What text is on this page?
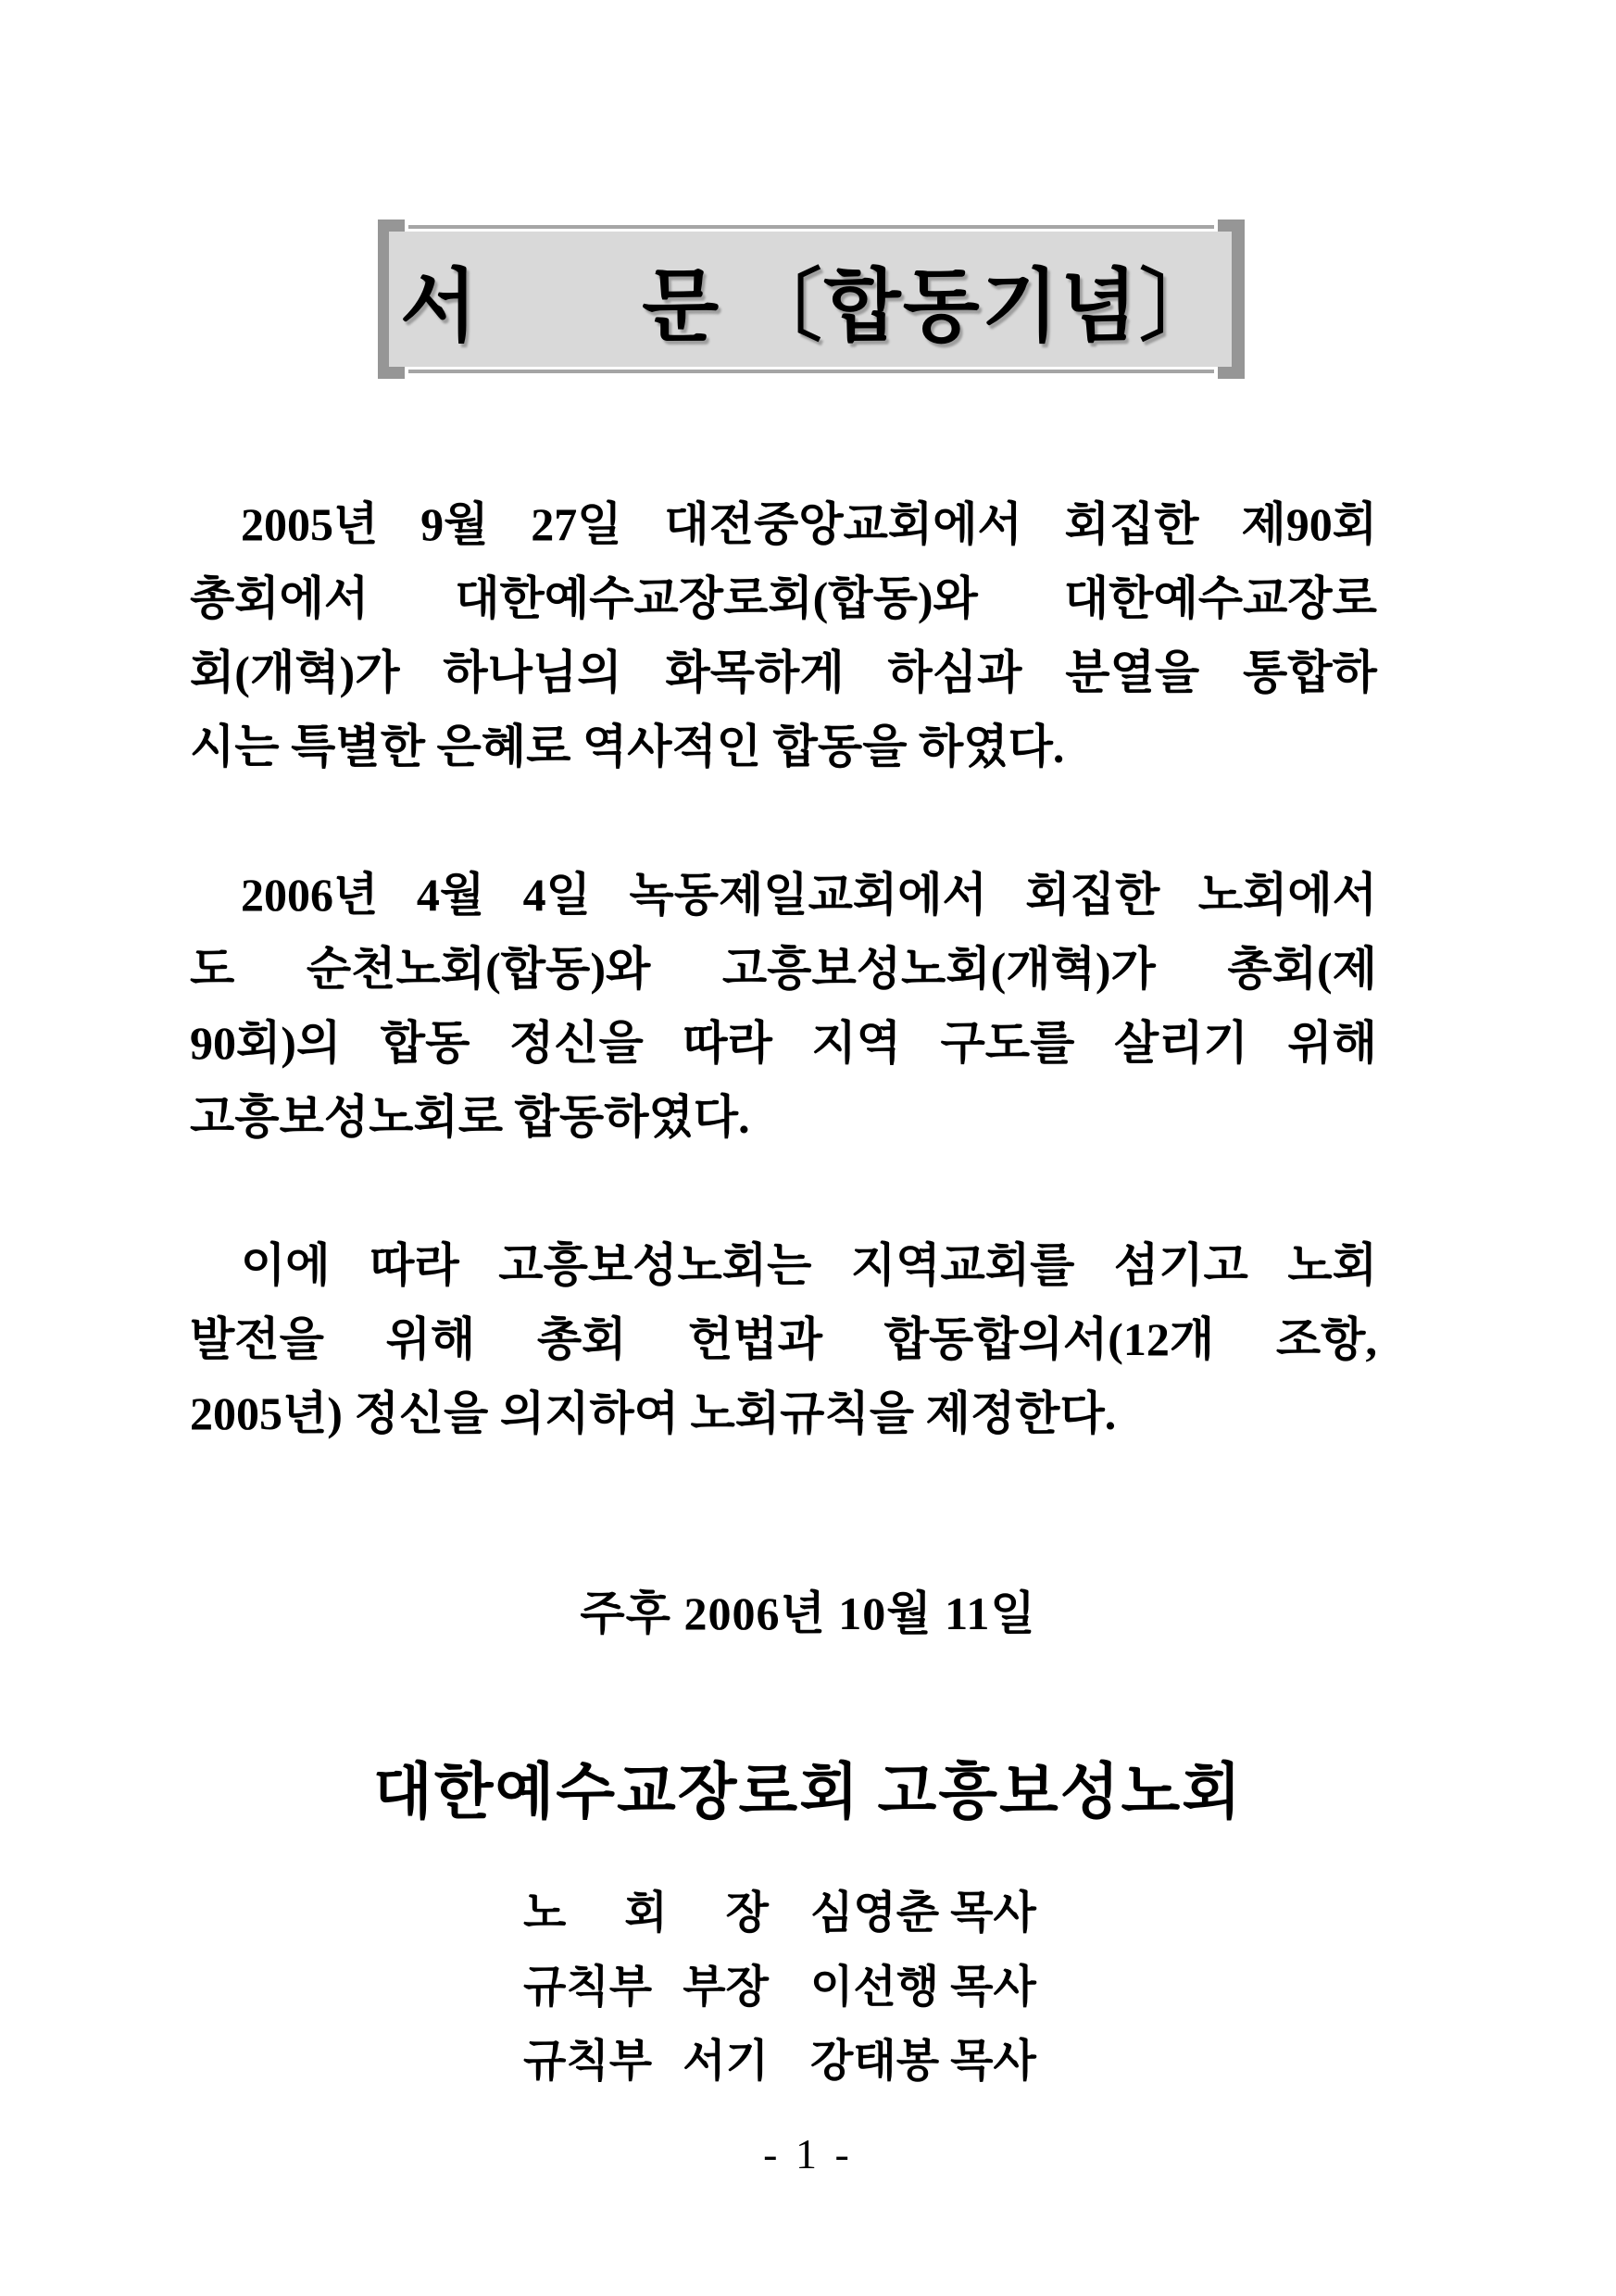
서　　문 〔합동기념〕
2005년 9월 27일 대전중앙교회에서 회집한 제90회
총회에서 대한예수교장로회(합동)와 대한예수교장로
회(개혁)가 하나님의 화목하게 하심과 분열을 통합하
시는 특별한 은혜로 역사적인 합동을 하였다.
2006년 4월 4일 녹동제일교회에서 회집한 노회에서
도 순천노회(합동)와 고흥보성노회(개혁)가 총회(제
90회)의 합동 정신을 따라 지역 구도를 살리기 위해
고흥보성노회로 합동하였다.
이에 따라 고흥보성노회는 지역교회를 섬기고 노회
발전을 위해 총회 헌법과 합동합의서(12개 조항,
2005년) 정신을 의지하여 노회규칙을 제정한다.
주후 2006년 10월 11일
대한예수교장로회 고흥보성노회
노 회 장 심영춘 목사
규칙부 부장 이선행 목사
규칙부 서기 강태봉 목사
- 1 -
